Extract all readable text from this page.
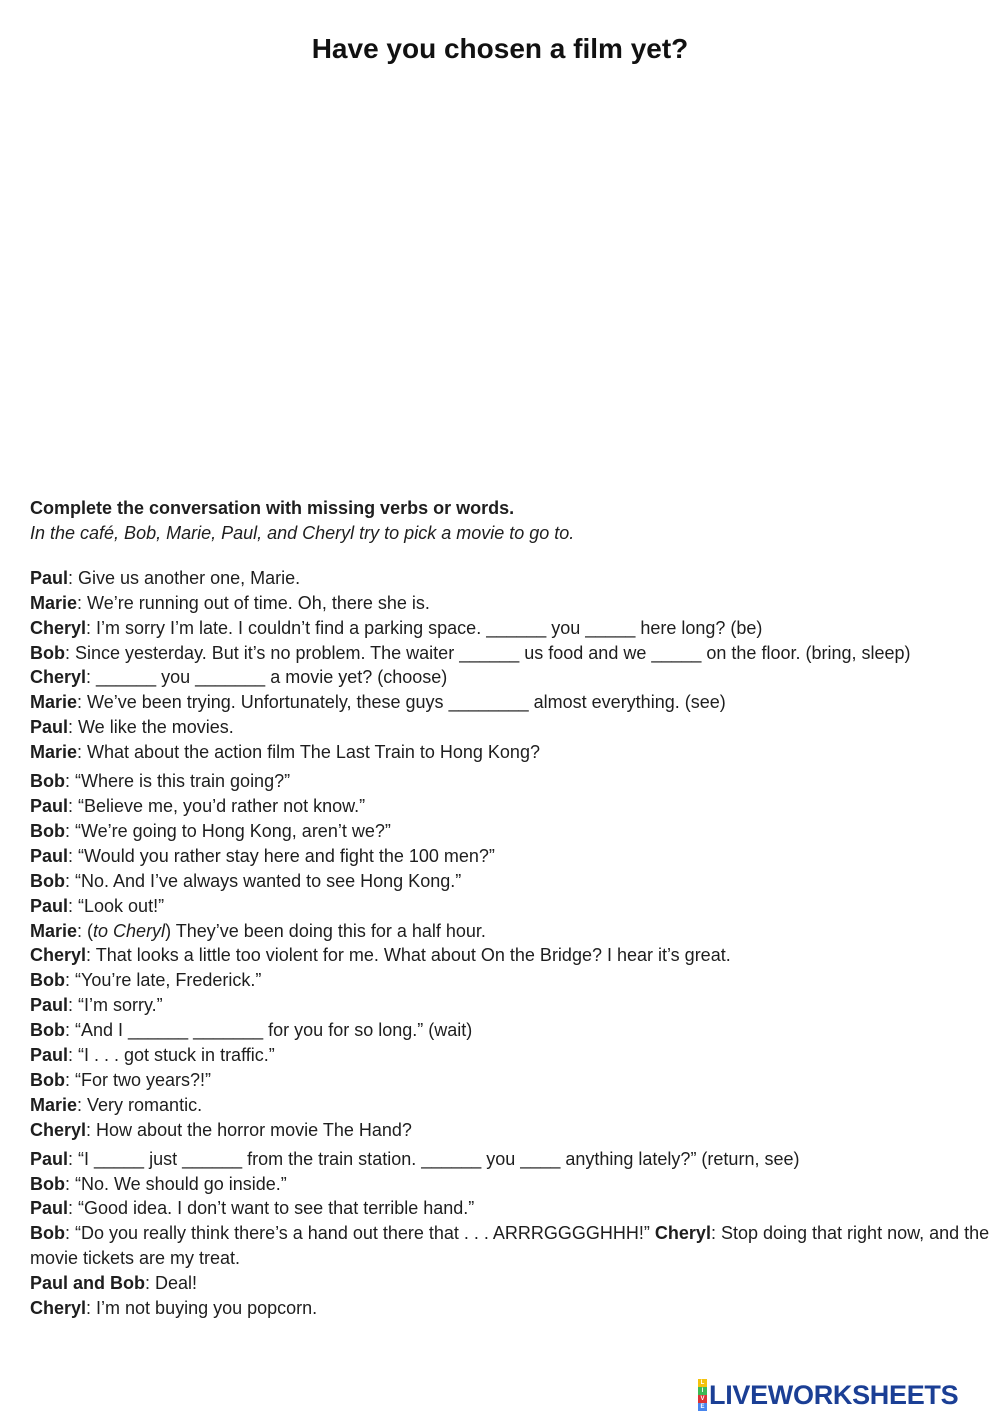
Have you chosen a film yet?
Complete the conversation with missing verbs or words.
In the café, Bob, Marie, Paul, and Cheryl try to pick a movie to go to.

Paul: Give us another one, Marie.

Marie: We’re running out of time. Oh, there she is.

Cheryl: I’m sorry I’m late. I couldn’t find a parking space. ______ you _____ here long? (be)

Bob: Since yesterday. But it’s no problem. The waiter ______ us food and we _____ on the floor. (bring, sleep)

Cheryl: ______ you _______ a movie yet? (choose)

Marie: We’ve been trying. Unfortunately, these guys ________ almost everything. (see)

Paul: We like the movies.

Marie: What about the action film The Last Train to Hong Kong?

Bob: “Where is this train going?”

Paul: “Believe me, you’d rather not know.”

Bob: “We’re going to Hong Kong, aren’t we?”

Paul: “Would you rather stay here and fight the 100 men?”

Bob: “No. And I’ve always wanted to see Hong Kong.”

Paul: “Look out!”

Marie: (to Cheryl) They’ve been doing this for a half hour.

Cheryl: That looks a little too violent for me. What about On the Bridge? I hear it’s great.

Bob: “You’re late, Frederick.”

Paul: “I’m sorry.”

Bob: “And I ______ _______ for you for so long.” (wait)

Paul: “I . . . got stuck in traffic.”

Bob: “For two years?!”

Marie: Very romantic.

Cheryl: How about the horror movie The Hand?

Paul: “I _____ just ______ from the train station. ______ you ____ anything lately?” (return, see)

Bob: “No. We should go inside.”

Paul: “Good idea. I don’t want to see that terrible hand.”

Bob: “Do you really think there’s a hand out there that . . . ARRRGGGGHHH!” Cheryl: Stop doing that right now, and the movie tickets are my treat.

Paul and Bob: Deal!

Cheryl: I’m not buying you popcorn.

L
I
V
E LIVEWORKSHEETS
